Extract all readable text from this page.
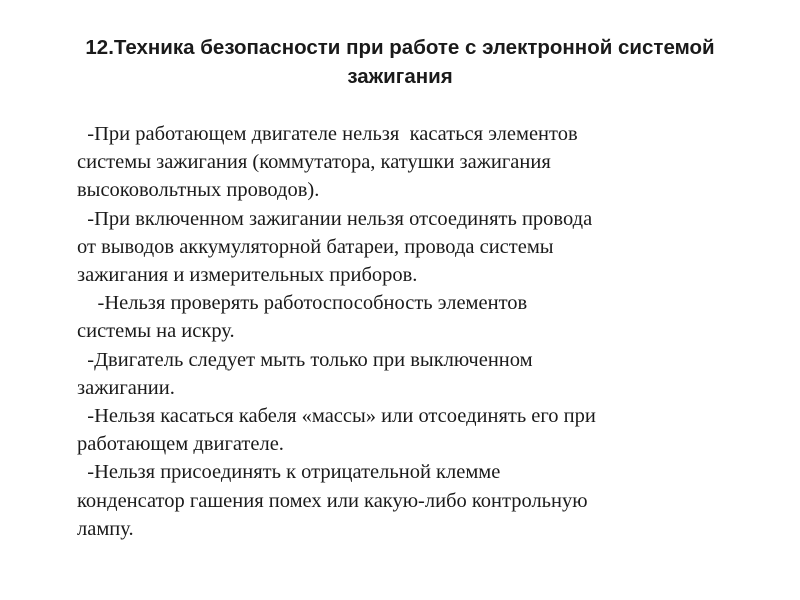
12.Техника безопасности при работе с электронной системой зажигания

-При работающем двигателе нельзя  касаться элементов
системы зажигания (коммутатора, катушки зажигания
высоковольтных проводов).

-При включенном зажигании нельзя отсоединять провода
от выводов аккумуляторной батареи, провода системы
зажигания и измерительных приборов.

-Нельзя проверять работоспособность элементов
системы на искру.

-Двигатель следует мыть только при выключенном
зажигании.

-Нельзя касаться кабеля «массы» или отсоединять его при
работающем двигателе.

-Нельзя присоединять к отрицательной клемме
конденсатор гашения помех или какую-либо контрольную
лампу.
